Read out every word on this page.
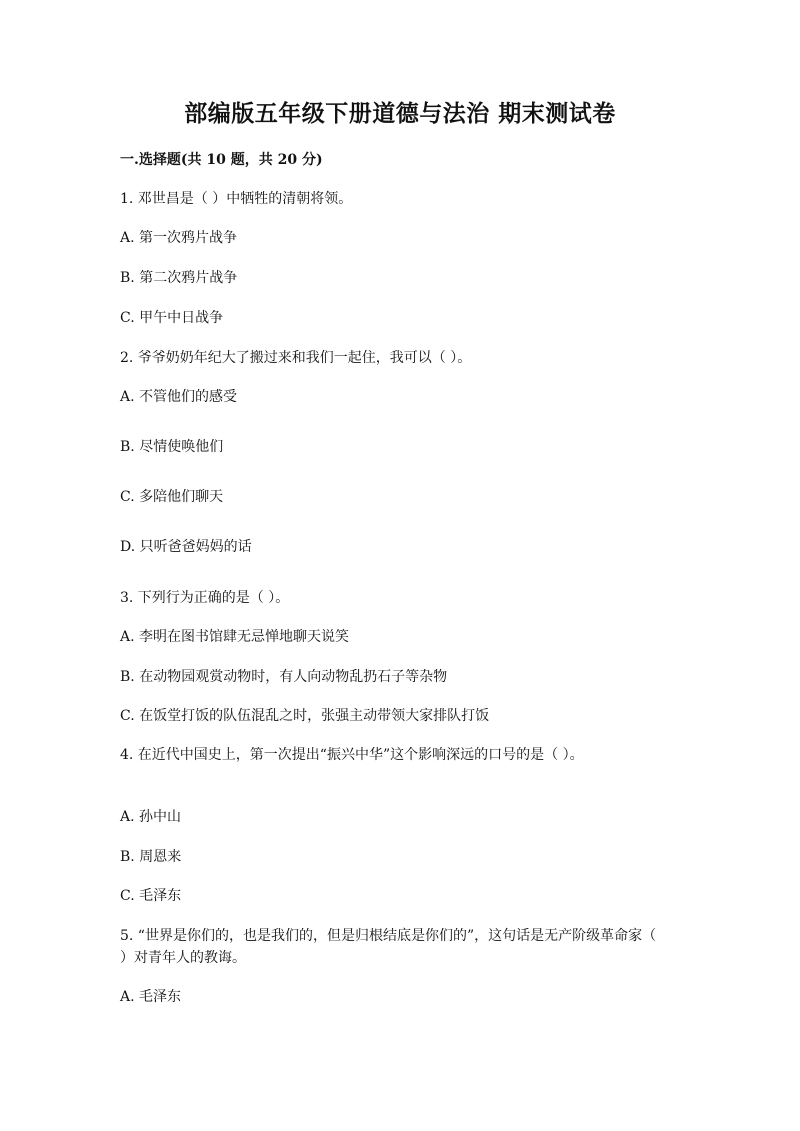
部编版五年级下册道德与法治 期末测试卷
一.选择题(共 10 题，共 20 分)
1. 邓世昌是（ ）中牺牲的清朝将领。
A. 第一次鸦片战争
B. 第二次鸦片战争
C. 甲午中日战争
2. 爷爷奶奶年纪大了搬过来和我们一起住，我可以（ ）。
A. 不管他们的感受
B. 尽情使唤他们
C. 多陪他们聊天
D. 只听爸爸妈妈的话
3. 下列行为正确的是（ ）。
A. 李明在图书馆肆无忌惮地聊天说笑
B. 在动物园观赏动物时，有人向动物乱扔石子等杂物
C. 在饭堂打饭的队伍混乱之时，张强主动带领大家排队打饭
4. 在近代中国史上，第一次提出“振兴中华”这个影响深远的口号的是（ ）。
A. 孙中山
B. 周恩来
C. 毛泽东
5. “世界是你们的，也是我们的，但是归根结底是你们的”，这句话是无产阶级革命家（ ）对青年人的教诲。
A. 毛泽东
